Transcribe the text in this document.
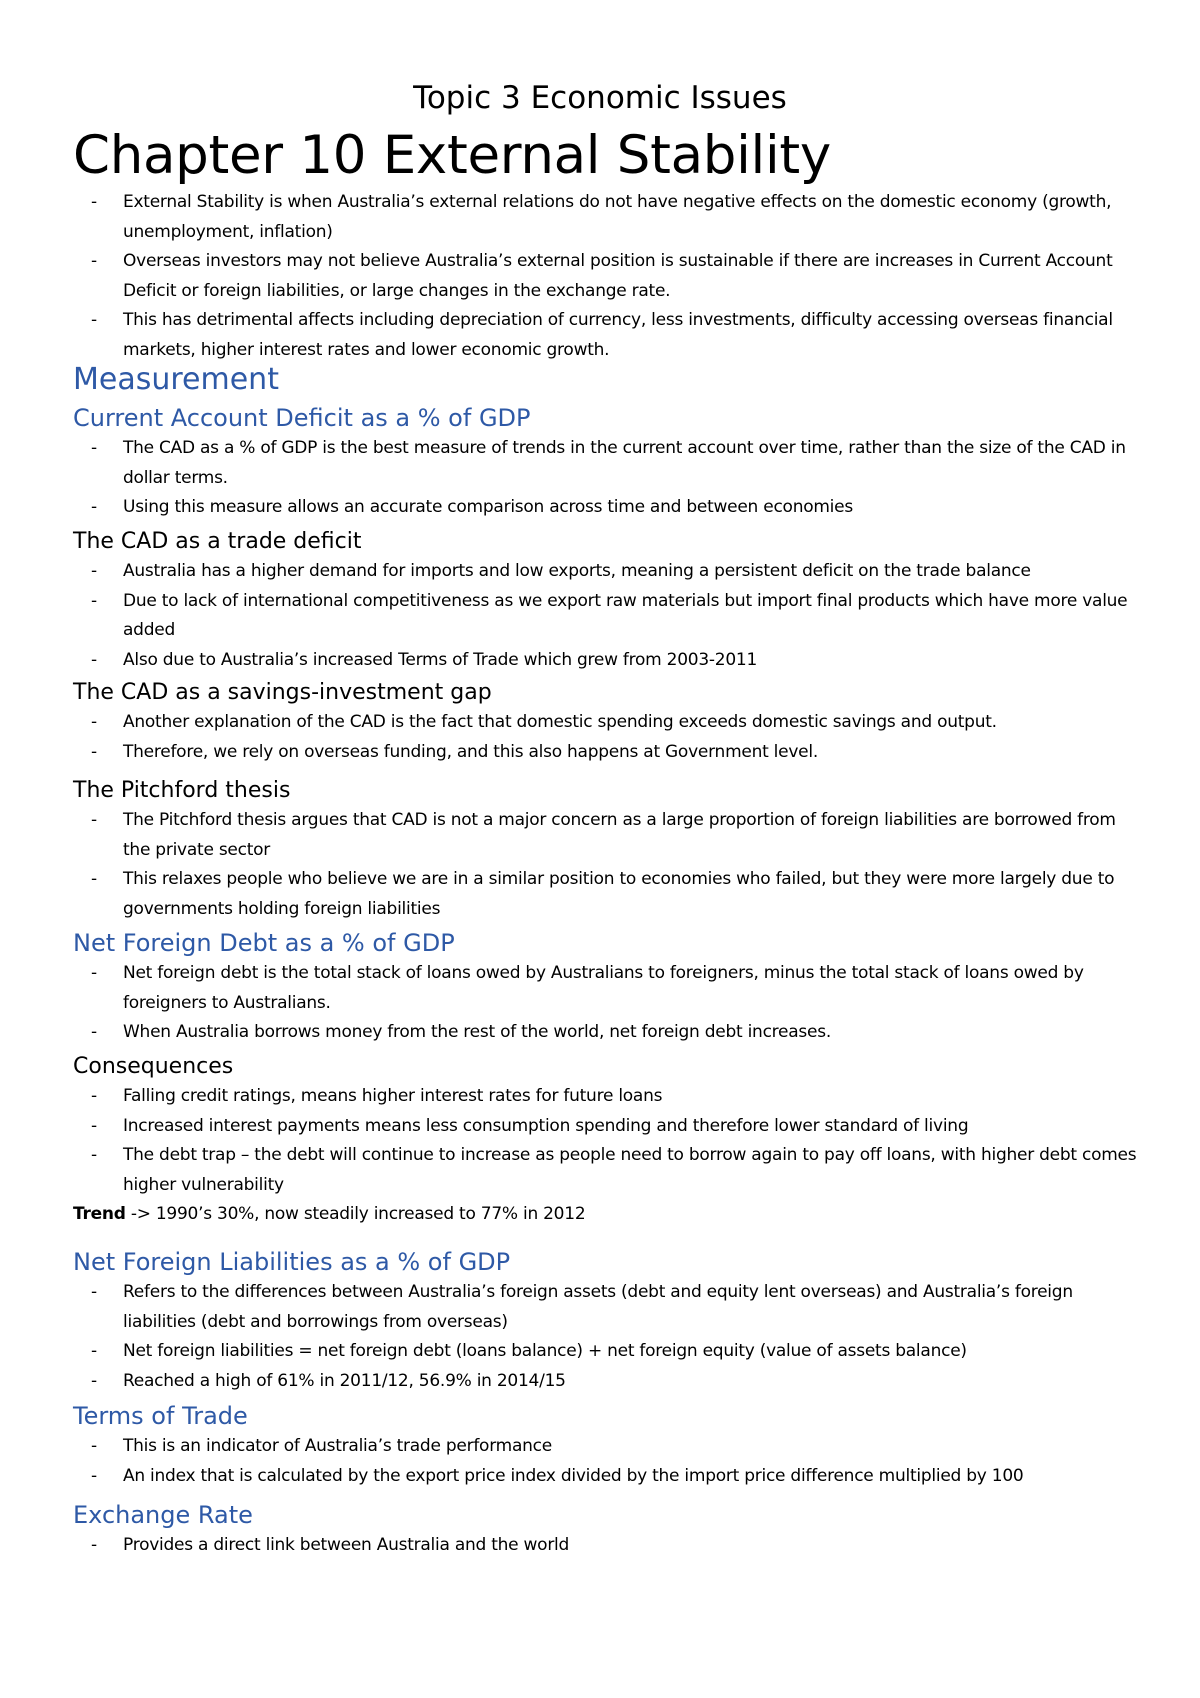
Topic 3 Economic Issues
Chapter 10 External Stability
- External Stability is when Australia’s external relations do not have negative effects on the domestic economy (growth, unemployment, inflation)
- Overseas investors may not believe Australia’s external position is sustainable if there are increases in Current Account Deficit or foreign liabilities, or large changes in the exchange rate.
- This has detrimental affects including depreciation of currency, less investments, difficulty accessing overseas financial markets, higher interest rates and lower economic growth.
Measurement
Current Account Deficit as a % of GDP
- The CAD as a % of GDP is the best measure of trends in the current account over time, rather than the size of the CAD in dollar terms.
- Using this measure allows an accurate comparison across time and between economies
The CAD as a trade deficit
- Australia has a higher demand for imports and low exports, meaning a persistent deficit on the trade balance
- Due to lack of international competitiveness as we export raw materials but import final products which have more value added
- Also due to Australia’s increased Terms of Trade which grew from 2003-2011
The CAD as a savings-investment gap
- Another explanation of the CAD is the fact that domestic spending exceeds domestic savings and output.
- Therefore, we rely on overseas funding, and this also happens at Government level.
The Pitchford thesis
- The Pitchford thesis argues that CAD is not a major concern as a large proportion of foreign liabilities are borrowed from the private sector
- This relaxes people who believe we are in a similar position to economies who failed, but they were more largely due to governments holding foreign liabilities
Net Foreign Debt as a % of GDP
- Net foreign debt is the total stack of loans owed by Australians to foreigners, minus the total stack of loans owed by foreigners to Australians.
- When Australia borrows money from the rest of the world, net foreign debt increases.
Consequences
- Falling credit ratings, means higher interest rates for future loans
- Increased interest payments means less consumption spending and therefore lower standard of living
- The debt trap – the debt will continue to increase as people need to borrow again to pay off loans, with higher debt comes higher vulnerability

Trend -> 1990’s 30%, now steadily increased to 77% in 2012

Net Foreign Liabilities as a % of GDP
- Refers to the differences between Australia’s foreign assets (debt and equity lent overseas) and Australia’s foreign liabilities (debt and borrowings from overseas)
- Net foreign liabilities = net foreign debt (loans balance) + net foreign equity (value of assets balance)
- Reached a high of 61% in 2011/12, 56.9% in 2014/15
Terms of Trade
- This is an indicator of Australia’s trade performance
- An index that is calculated by the export price index divided by the import price difference multiplied by 100
Exchange Rate
- Provides a direct link between Australia and the world
